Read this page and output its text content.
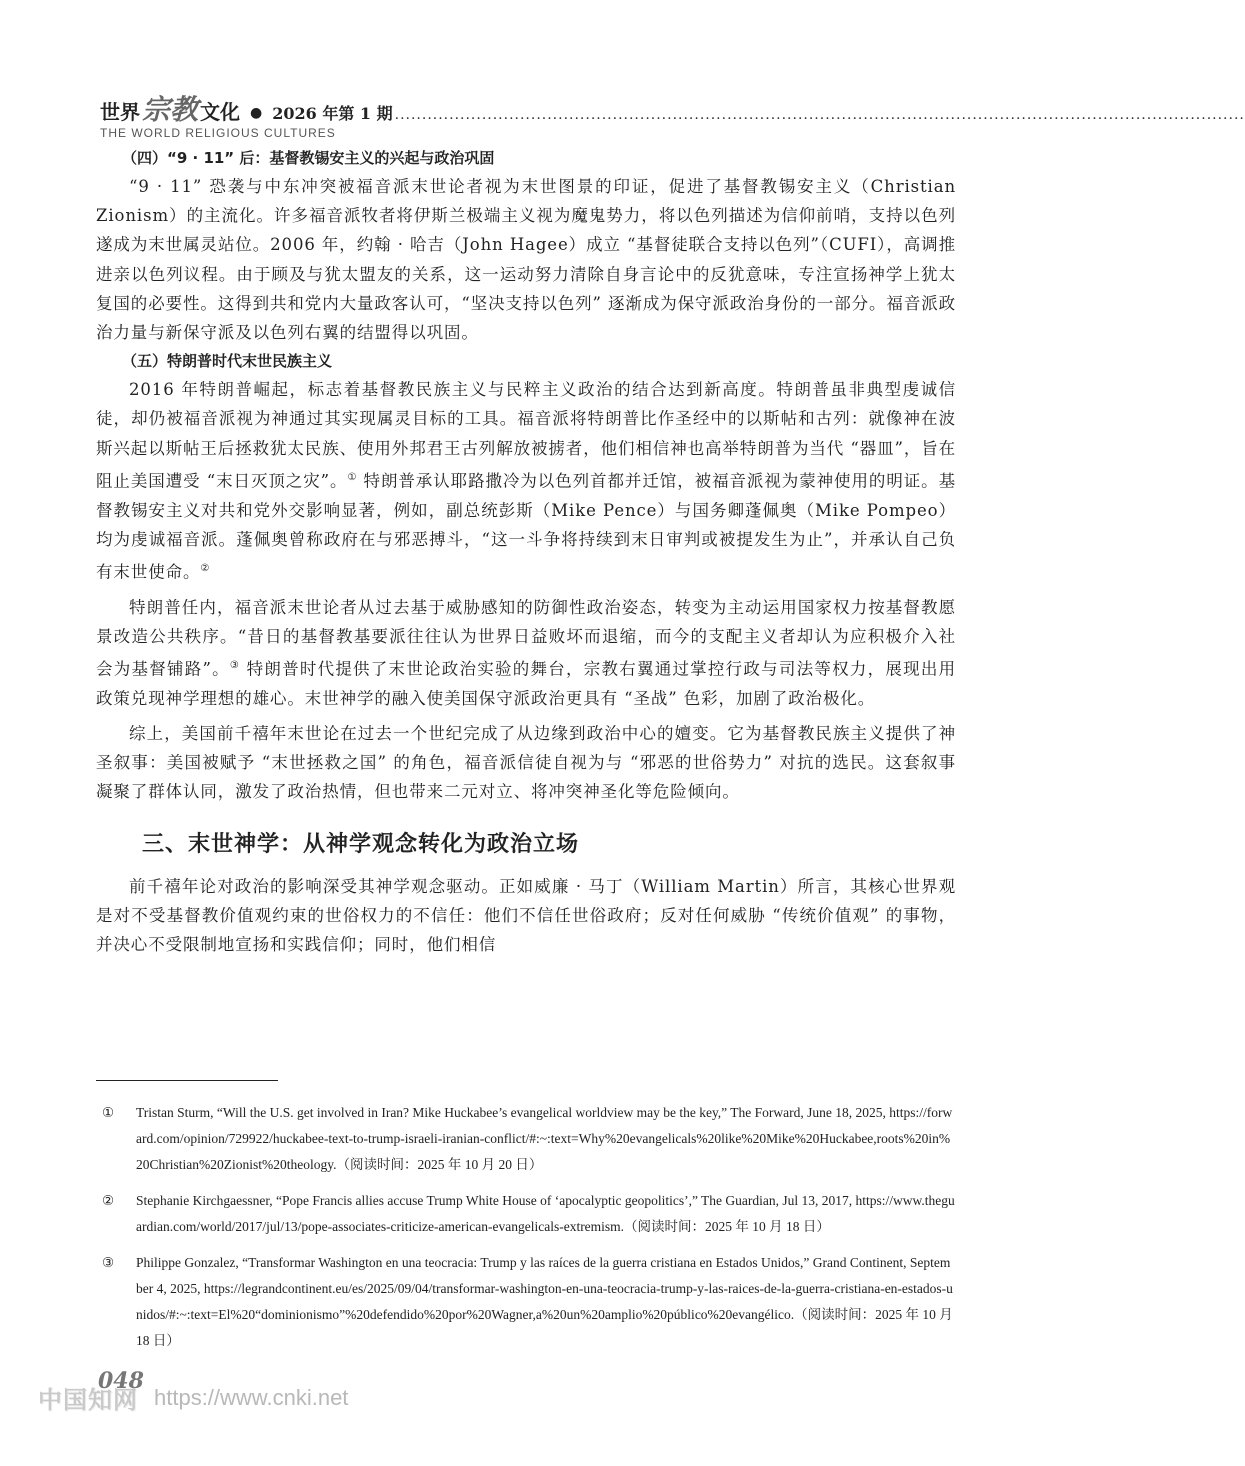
世界宗教 文化 ● 2026 年第 1 期 ............................................................................................................................................................
THE WORLD RELIGIOUS CULTURES
（四）“9 · 11” 后：基督教锡安主义的兴起与政治巩固

“9 · 11” 恐袭与中东冲突被福音派末世论者视为末世图景的印证，促进了基督教锡安主义（Christian Zionism）的主流化。许多福音派牧者将伊斯兰极端主义视为魔鬼势力，将以色列描述为信仰前哨，支持以色列遂成为末世属灵站位。2006 年，约翰 · 哈吉（John Hagee）成立 “基督徒联合支持以色列”（CUFI），高调推进亲以色列议程。由于顾及与犹太盟友的关系，这一运动努力清除自身言论中的反犹意味，专注宣扬神学上犹太复国的必要性。这得到共和党内大量政客认可，“坚决支持以色列” 逐渐成为保守派政治身份的一部分。福音派政治力量与新保守派及以色列右翼的结盟得以巩固。

（五）特朗普时代末世民族主义

2016 年特朗普崛起，标志着基督教民族主义与民粹主义政治的结合达到新高度。特朗普虽非典型虔诚信徒，却仍被福音派视为神通过其实现属灵目标的工具。福音派将特朗普比作圣经中的以斯帖和古列：就像神在波斯兴起以斯帖王后拯救犹太民族、使用外邦君王古列解放被掳者，他们相信神也高举特朗普为当代 “器皿”，旨在阻止美国遭受 “末日灭顶之灾”。① 特朗普承认耶路撒冷为以色列首都并迁馆，被福音派视为蒙神使用的明证。基督教锡安主义对共和党外交影响显著，例如，副总统彭斯（Mike Pence）与国务卿蓬佩奥（Mike Pompeo）均为虔诚福音派。蓬佩奥曾称政府在与邪恶搏斗，“这一斗争将持续到末日审判或被提发生为止”，并承认自己负有末世使命。②

特朗普任内，福音派末世论者从过去基于威胁感知的防御性政治姿态，转变为主动运用国家权力按基督教愿景改造公共秩序。“昔日的基督教基要派往往认为世界日益败坏而退缩，而今的支配主义者却认为应积极介入社会为基督铺路”。③ 特朗普时代提供了末世论政治实验的舞台，宗教右翼通过掌控行政与司法等权力，展现出用政策兑现神学理想的雄心。末世神学的融入使美国保守派政治更具有 “圣战” 色彩，加剧了政治极化。

综上，美国前千禧年末世论在过去一个世纪完成了从边缘到政治中心的嬗变。它为基督教民族主义提供了神圣叙事：美国被赋予 “末世拯救之国” 的角色，福音派信徒自视为与 “邪恶的世俗势力” 对抗的选民。这套叙事凝聚了群体认同，激发了政治热情，但也带来二元对立、将冲突神圣化等危险倾向。

三、末世神学：从神学观念转化为政治立场

前千禧年论对政治的影响深受其神学观念驱动。正如威廉 · 马丁（William Martin）所言，其核心世界观是对不受基督教价值观约束的世俗权力的不信任：他们不信任世俗政府；反对任何威胁 “传统价值观” 的事物，并决心不受限制地宣扬和实践信仰；同时，他们相信

①	Tristan Sturm, “Will the U.S. get involved in Iran? Mike Huckabee’s evangelical worldview may be the key,” The Forward, June 18, 2025, https://forward.com/opinion/729922/huckabee-text-to-trump-israeli-iranian-conflict/#:~:text=Why%20evangelicals%20like%20Mike%20Huckabee,roots%20in%20Christian%20Zionist%20theology.（阅读时间：2025 年 10 月 20 日）
②	Stephanie Kirchgaessner, “Pope Francis allies accuse Trump White House of ‘apocalyptic geopolitics’,” The Guardian, Jul 13, 2017, https://www.theguardian.com/world/2017/jul/13/pope-associates-criticize-american-evangelicals-extremism.（阅读时间：2025 年 10 月 18 日）
③	Philippe Gonzalez, “Transformar Washington en una teocracia: Trump y las raíces de la guerra cristiana en Estados Unidos,” Grand Continent, September 4, 2025, https://legrandcontinent.eu/es/2025/09/04/transformar-washington-en-una-teocracia-trump-y-las-raices-de-la-guerra-cristiana-en-estados-unidos/#:~:text=El%20“dominionismo”%20defendido%20por%20Wagner,a%20un%20amplio%20público%20evangélico.（阅读时间：2025 年 10 月 18 日）
048
中国知网 https://www.cnki.net
